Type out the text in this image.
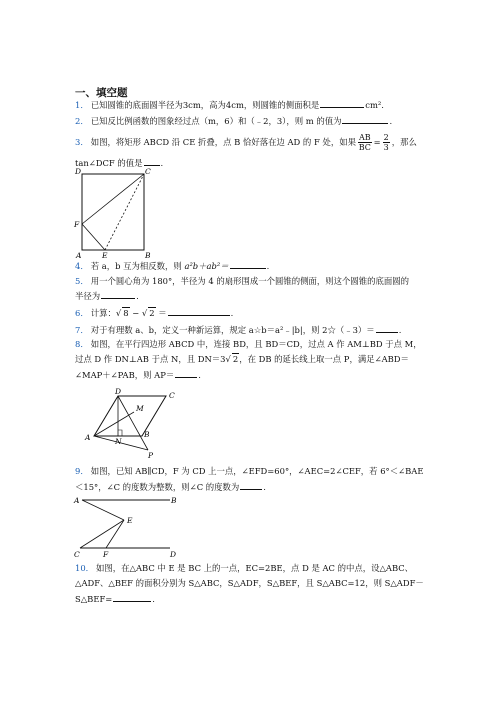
一、填空题
1． 已知圆锥的底面圆半径为3cm，高为4cm，则圆锥的侧面积是	cm².
2． 已知反比例函数的图象经过点（m，6）和（﹣2，3），则 m 的值为	.
3． 如图，将矩形 ABCD 沿 CE 折叠，点 B 恰好落在边 AD 的 F 处，如果 $\frac{AB}{BC} = \frac{2}{3}$ ，那么
tan∠DCF 的值是 .
D	C
F
A	E	B
4． 若 a，b 互为相反数，则 a²b＋ab²＝	.
5． 用一个圆心角为 180°，半径为 4 的扇形围成一个圆锥的侧面，则这个圆锥的底面圆的
半径为	.
6． 计算：√ 8 − √ 2 ＝	.
7． 对于有理数 a、b，定义一种新运算，规定 a☆b＝a²﹣|b|，则 2☆（﹣3）＝	.
8． 如图，在平行四边形 ABCD 中，连接 BD，且 BD＝CD，过点 A 作 AM⊥BD 于点 M，
过点 D 作 DN⊥AB 于点 N，且 DN＝3√ 2，在 DB 的延长线上取一点 P，满足∠ABD＝
∠MAP＋∠PAB，则 AP＝	.
D	C
M
A	N
B
P
9． 如图，已知 AB∥CD，F 为 CD 上一点，∠EFD=60°，∠AEC=2∠CEF，若 6°＜∠BAE
＜15°，∠C 的度数为整数，则∠C 的度数为	.
A	B
E
C	F	D
10． 如图，在△ABC 中 E 是 BC 上的一点，EC=2BE，点 D 是 AC 的中点，设△ABC、
△ADF、△BEF 的面积分别为 S△ABC，S△ADF，S△BEF，且 S△ABC=12，则 S△ADF－
S△BEF=	.
